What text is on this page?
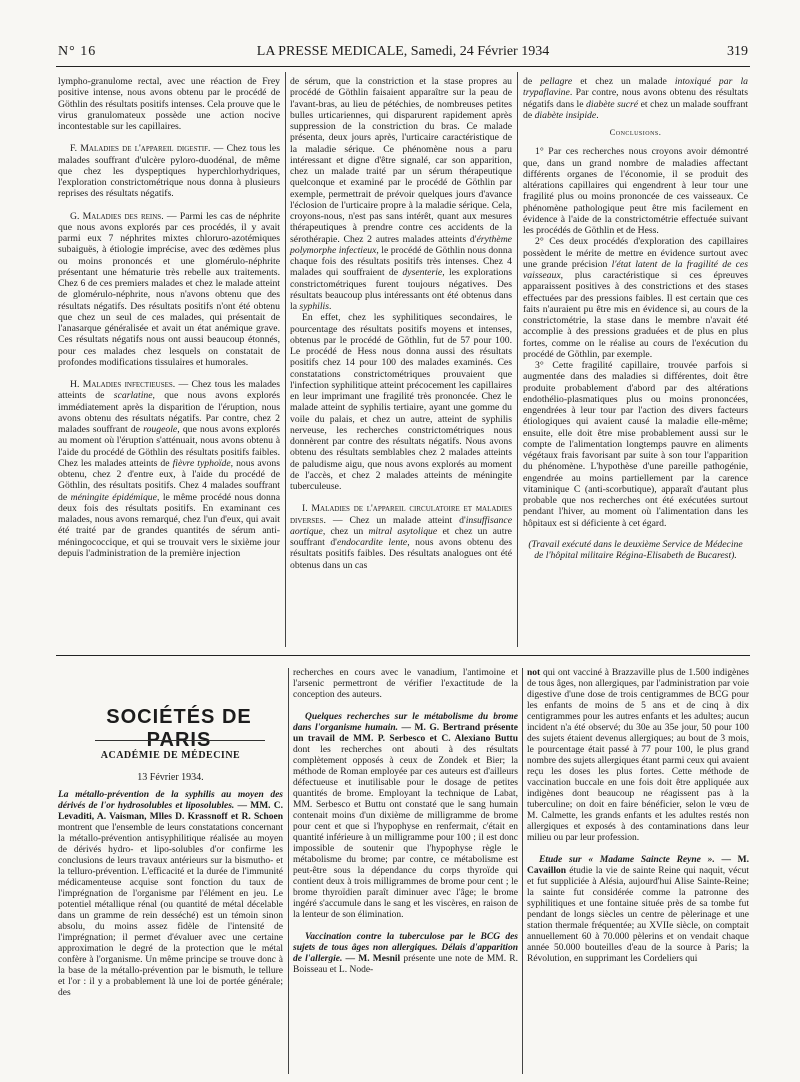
N° 16	LA PRESSE MEDICALE, Samedi, 24 Février 1934	319

lympho-granulome rectal, avec une réaction de Frey positive intense, nous avons obtenu par le procédé de Göthlin des résultats positifs intenses. Cela prouve que le virus granulomateux possède une action nocive incontestable sur les capillaires.

F. Maladies de l'appareil digestif. — Chez tous les malades souffrant d'ulcère pyloro-duodénal, de même que chez les dyspeptiques hyperchlorhydriques, l'exploration constrictométrique nous donna à plusieurs reprises des résultats négatifs.

G. Maladies des reins. — Parmi les cas de néphrite que nous avons explorés par ces procédés, il y avait parmi eux 7 néphrites mixtes chloruro-azotémiques subaiguës, à étiologie imprécise, avec des œdèmes plus ou moins prononcés et une glomérulo-néphrite présentant une hématurie très rebelle aux traitements. Chez 6 de ces premiers malades et chez le malade atteint de glomérulo-néphrite, nous n'avons obtenu que des résultats négatifs. Des résultats positifs n'ont été obtenu que chez un seul de ces malades, qui présentait de l'anasarque généralisée et avait un état anémique grave. Ces résultats négatifs nous ont aussi beaucoup étonnés, pour ces malades chez lesquels on constatait de profondes modifications tissulaires et humorales.

H. Maladies infectieuses. — Chez tous les malades atteints de scarlatine, que nous avons explorés immédiatement après la disparition de l'éruption, nous avons obtenu des résultats négatifs. Par contre, chez 2 malades souffrant de rougeole, que nous avons explorés au moment où l'éruption s'atténuait, nous avons obtenu à l'aide du procédé de Göthlin des résultats positifs faibles. Chez les malades atteints de fièvre typhoïde, nous avons obtenu, chez 2 d'entre eux, à l'aide du procédé de Göthlin, des résultats positifs. Chez 4 malades souffrant de méningite épidémique, le même procédé nous donna deux fois des résultats positifs. En examinant ces malades, nous avons remarqué, chez l'un d'eux, qui avait été traité par de grandes quantités de sérum anti-méningococcique, et qui se trouvait vers le sixième jour depuis l'administration de la première injection

de sérum, que la constriction et la stase propres au procédé de Göthlin faisaient apparaître sur la peau de l'avant-bras, au lieu de pétéchies, de nombreuses petites bulles urticariennes, qui disparurent rapidement après suppression de la constriction du bras. Ce malade présenta, deux jours après, l'urticaire caractéristique de la maladie sérique. Ce phénomène nous a paru intéressant et digne d'être signalé, car son apparition, chez un malade traité par un sérum thérapeutique quelconque et examiné par le procédé de Göthlin par exemple, permettrait de prévoir quelques jours d'avance l'éclosion de l'urticaire propre à la maladie sérique. Cela, croyons-nous, n'est pas sans intérêt, quant aux mesures thérapeutiques à prendre contre ces accidents de la sérothérapie. Chez 2 autres malades atteints d'érythème polymorphe infectieux, le procédé de Göthlin nous donna chaque fois des résultats positifs très intenses. Chez 4 malades qui souffraient de dysenterie, les explorations constrictométriques furent toujours négatives. Des résultats beaucoup plus intéressants ont été obtenus dans la syphilis.

En effet, chez les syphilitiques secondaires, le pourcentage des résultats positifs moyens et intenses, obtenus par le procédé de Göthlin, fut de 57 pour 100. Le procédé de Hess nous donna aussi des résultats positifs chez 14 pour 100 des malades examinés. Ces constatations constrictométriques prouvaient que l'infection syphilitique atteint précocement les capillaires en leur imprimant une fragilité très prononcée. Chez le malade atteint de syphilis tertiaire, ayant une gomme du voile du palais, et chez un autre, atteint de syphilis nerveuse, les recherches constrictométriques nous donnèrent par contre des résultats négatifs. Nous avons obtenu des résultats semblables chez 2 malades atteints de paludisme aigu, que nous avons explorés au moment de l'accès, et chez 2 malades atteints de méningite tuberculeuse.

I. Maladies de l'appareil circulatoire et maladies diverses. — Chez un malade atteint d'insuffisance aortique, chez un mitral asytolique et chez un autre souffrant d'endocardite lente, nous avons obtenu des résultats positifs faibles. Des résultats analogues ont été obtenus dans un cas

de pellagre et chez un malade intoxiqué par la trypaflavine. Par contre, nous avons obtenu des résultats négatifs dans le diabète sucré et chez un malade souffrant de diabète insipide.

Conclusions.

1° Par ces recherches nous croyons avoir démontré que, dans un grand nombre de maladies affectant différents organes de l'économie, il se produit des altérations capillaires qui engendrent à leur tour une fragilité plus ou moins prononcée de ces vaisseaux. Ce phénomène pathologique peut être mis facilement en évidence à l'aide de la constrictométrie effectuée suivant les procédés de Göthlin et de Hess.

2° Ces deux procédés d'exploration des capillaires possèdent le mérite de mettre en évidence surtout avec une grande précision l'état latent de la fragilité de ces vaisseaux, plus caractéristique si ces épreuves apparaissent positives à des constrictions et des stases effectuées par des pressions faibles. Il est certain que ces faits n'auraient pu être mis en évidence si, au cours de la constrictométrie, la stase dans le membre n'avait été accomplie à des pressions graduées et de plus en plus fortes, comme on le réalise au cours de l'exécution du procédé de Göthlin, par exemple.

3° Cette fragilité capillaire, trouvée parfois si augmentée dans des maladies si différentes, doit être produite probablement d'abord par des altérations endothélio-plasmatiques plus ou moins prononcées, engendrées à leur tour par l'action des divers facteurs étiologiques qui avaient causé la maladie elle-même; ensuite, elle doit être mise probablement aussi sur le compte de l'alimentation longtemps pauvre en aliments végétaux frais favorisant par suite à son tour l'apparition du phénomène. L'hypothèse d'une pareille pathogénie, engendrée au moins partiellement par la carence vitaminique C (anti-scorbutique), apparaît d'autant plus probable que nos recherches ont été exécutées surtout pendant l'hiver, au moment où l'alimentation dans les hôpitaux est si déficiente à cet égard.

(Travail exécuté dans le deuxième Service de Médecine de l'hôpital militaire Régina-Elisabeth de Bucarest).

SOCIÉTÉS DE PARIS
ACADÉMIE DE MÉDECINE
13 Février 1934.

La métallo-prévention de la syphilis au moyen des dérivés de l'or hydrosolubles et liposolubles. — MM. C. Levaditi, A. Vaisman, Mlles D. Krassnoff et R. Schoen montrent que l'ensemble de leurs constatations concernant la métallo-prévention antisyphilitique réalisée au moyen de dérivés hydro- et lipo-solubles d'or confirme les conclusions de leurs travaux antérieurs sur la bismutho- et la telluro-prévention. L'efficacité et la durée de l'immunité médicamenteuse acquise sont fonction du taux de l'imprégnation de l'organisme par l'élément en jeu. Le potentiel métallique rénal (ou quantité de métal décelable dans un gramme de rein desséché) est un témoin sinon absolu, du moins assez fidèle de l'intensité de l'imprégnation; il permet d'évaluer avec une certaine approximation le degré de la protection que le métal confère à l'organisme. Un même principe se trouve donc à la base de la métallo-prévention par le bismuth, le tellure et l'or : il y a probablement là une loi de portée générale; des

recherches en cours avec le vanadium, l'antimoine et l'arsenic permettront de vérifier l'exactitude de la conception des auteurs.

Quelques recherches sur le métabolisme du brome dans l'organisme humain. — M. G. Bertrand présente un travail de MM. P. Serbesco et C. Alexiano Buttu dont les recherches ont abouti à des résultats complètement opposés à ceux de Zondek et Bier; la méthode de Roman employée par ces auteurs est d'ailleurs défectueuse et inutilisable pour le dosage de petites quantités de brome. Employant la technique de Labat, MM. Serbesco et Buttu ont constaté que le sang humain contenait moins d'un dixième de milligramme de brome pour cent et que si l'hypophyse en renfermait, c'était en quantité inférieure à un milligramme pour 100 ; il est donc impossible de soutenir que l'hypophyse règle le métabolisme du brome; par contre, ce métabolisme est peut-être sous la dépendance du corps thyroïde qui contient deux à trois milligrammes de brome pour cent ; le brome thyroïdien paraît diminuer avec l'âge; le brome ingéré s'accumule dans le sang et les viscères, en raison de la lenteur de son élimination.

Vaccination contre la tuberculose par le BCG des sujets de tous âges non allergiques. Délais d'apparition de l'allergie. — M. Mesnil présente une note de MM. R. Boisseau et L. Node-

not qui ont vacciné à Brazzaville plus de 1.500 indigènes de tous âges, non allergiques, par l'administration par voie digestive d'une dose de trois centigrammes de BCG pour les enfants de moins de 5 ans et de cinq à dix centigrammes pour les autres enfants et les adultes; aucun incident n'a été observé; du 30e au 35e jour, 50 pour 100 des sujets étaient devenus allergiques; au bout de 3 mois, le pourcentage était passé à 77 pour 100, le plus grand nombre des sujets allergiques étant parmi ceux qui avaient reçu les doses les plus fortes. Cette méthode de vaccination buccale en une fois doit être appliquée aux indigènes dont beaucoup ne réagissent pas à la tuberculine; on doit en faire bénéficier, selon le vœu de M. Calmette, les grands enfants et les adultes restés non allergiques et exposés à des contaminations dans leur milieu ou par leur profession.

Etude sur « Madame Saincte Reyne ». — M. Cavaillon étudie la vie de sainte Reine qui naquit, vécut et fut suppliciée à Alésia, aujourd'hui Alise Sainte-Reine; la sainte fut considérée comme la patronne des syphilitiques et une fontaine située près de sa tombe fut pendant de longs siècles un centre de pèlerinage et une station thermale fréquentée; au XVIIe siècle, on comptait annuellement 60 à 70.000 pèlerins et on vendait chaque année 50.000 bouteilles d'eau de la source à Paris; la Révolution, en supprimant les Cordeliers qui
